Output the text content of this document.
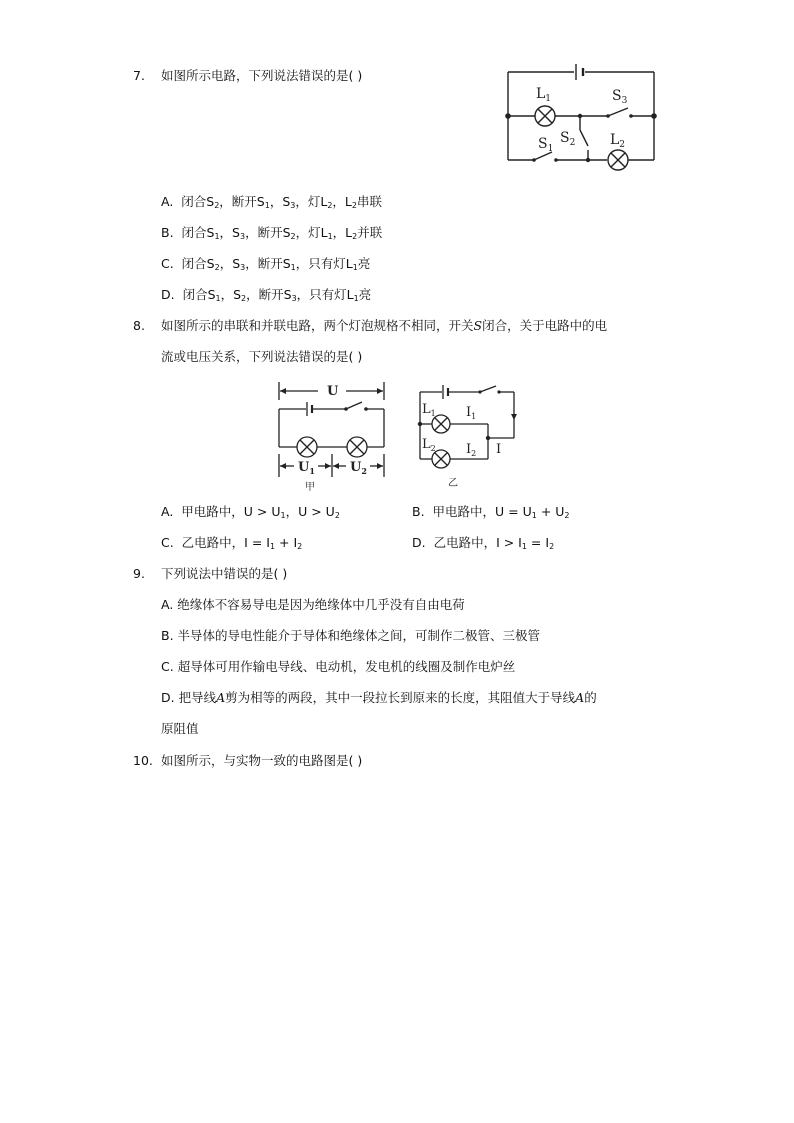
7. 如图所示电路，下列说法错误的是( )
$L_1$	$S_3$
$S_1$
$S_2$ $L_2$
A. 闭合$S_2$，断开$S_1$，$S_3$，灯$L_2$，$L_2$串联
B. 闭合$S_1$，$S_3$，断开$S_2$，灯$L_1$，$L_2$并联
C. 闭合$S_2$，$S_3$，断开$S_1$，只有灯$L_1$亮
D. 闭合$S_1$，$S_2$，断开$S_3$，只有灯$L_1$亮
8. 如图所示的串联和并联电路，两个灯泡规格不相同，开关S闭合，关于电路中的电
流或电压关系，下列说法错误的是( )
U
$U_1$	$U_2$
甲
$L_1$ $I_1$
$L_2$ $I_2$ I
乙
A. 甲电路中，$U > U_1$，$U > U_2$	B. 甲电路中，$U = U_1 + U_2$
C. 乙电路中，$I = I_1 + I_2$	D. 乙电路中，$I > I_1 = I_2$
9. 下列说法中错误的是( )
A. 绝缘体不容易导电是因为绝缘体中几乎没有自由电荷
B. 半导体的导电性能介于导体和绝缘体之间，可制作二极管、三极管
C. 超导体可用作输电导线、电动机，发电机的线圈及制作电炉丝
D. 把导线A剪为相等的两段，其中一段拉长到原来的长度，其阻值大于导线A的
原阻值
10. 如图所示，与实物一致的电路图是( )
